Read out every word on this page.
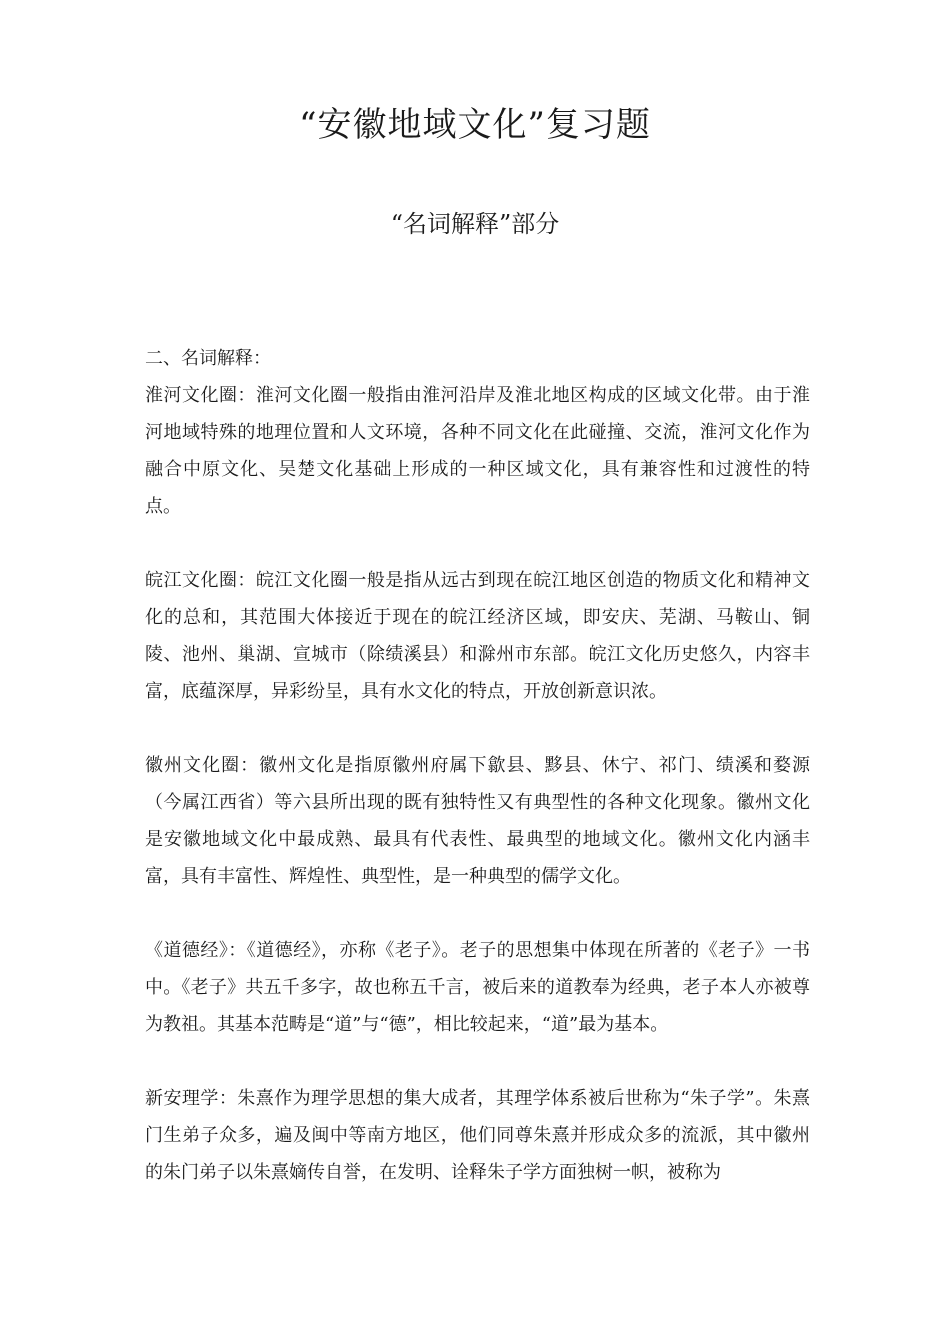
“安徽地域文化”复习题
“名词解释”部分

二、名词解释：

淮河文化圈：淮河文化圈一般指由淮河沿岸及淮北地区构成的区域文化带。由于淮河地域特殊的地理位置和人文环境，各种不同文化在此碰撞、交流，淮河文化作为融合中原文化、吴楚文化基础上形成的一种区域文化，具有兼容性和过渡性的特点。

皖江文化圈：皖江文化圈一般是指从远古到现在皖江地区创造的物质文化和精神文化的总和，其范围大体接近于现在的皖江经济区域，即安庆、芜湖、马鞍山、铜陵、池州、巢湖、宣城市（除绩溪县）和滁州市东部。皖江文化历史悠久，内容丰富，底蕴深厚，异彩纷呈，具有水文化的特点，开放创新意识浓。

徽州文化圈：徽州文化是指原徽州府属下歙县、黟县、休宁、祁门、绩溪和婺源（今属江西省）等六县所出现的既有独特性又有典型性的各种文化现象。徽州文化是安徽地域文化中最成熟、最具有代表性、最典型的地域文化。徽州文化内涵丰富，具有丰富性、辉煌性、典型性，是一种典型的儒学文化。

《道德经》：《道德经》，亦称《老子》。老子的思想集中体现在所著的《老子》一书中。《老子》共五千多字，故也称五千言，被后来的道教奉为经典，老子本人亦被尊为教祖。其基本范畴是“道”与“德”，相比较起来，“道”最为基本。

新安理学：朱熹作为理学思想的集大成者，其理学体系被后世称为“朱子学”。朱熹门生弟子众多，遍及闽中等南方地区，他们同尊朱熹并形成众多的流派，其中徽州的朱门弟子以朱熹嫡传自誉，在发明、诠释朱子学方面独树一帜，被称为
